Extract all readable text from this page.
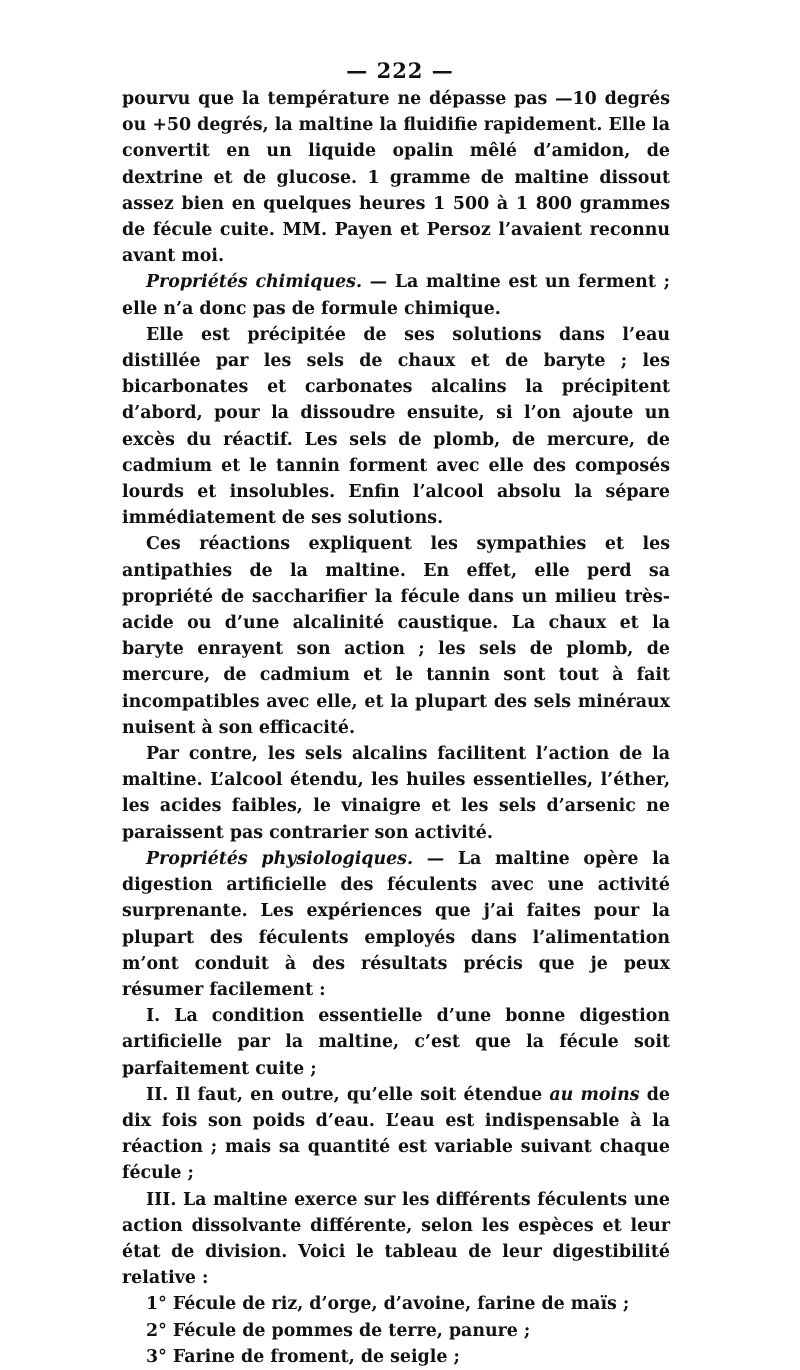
— 222 —

pourvu que la température ne dépasse pas —10 degrés ou +50 degrés, la maltine la fluidifie rapidement. Elle la convertit en un liquide opalin mêlé d’amidon, de dextrine et de glucose. 1 gramme de maltine dissout assez bien en quelques heures 1 500 à 1 800 grammes de fécule cuite. MM. Payen et Persoz l’avaient reconnu avant moi.

Propriétés chimiques. — La maltine est un ferment ; elle n’a donc pas de formule chimique.

Elle est précipitée de ses solutions dans l’eau distillée par les sels de chaux et de baryte ; les bicarbonates et carbonates alcalins la précipitent d’abord, pour la dissoudre ensuite, si l’on ajoute un excès du réactif. Les sels de plomb, de mercure, de cadmium et le tannin forment avec elle des composés lourds et insolubles. Enfin l’alcool absolu la sépare immédiatement de ses solutions.

Ces réactions expliquent les sympathies et les antipathies de la maltine. En effet, elle perd sa propriété de saccharifier la fécule dans un milieu très-acide ou d’une alcalinité caustique. La chaux et la baryte enrayent son action ; les sels de plomb, de mercure, de cadmium et le tannin sont tout à fait incompatibles avec elle, et la plupart des sels minéraux nuisent à son efficacité.

Par contre, les sels alcalins facilitent l’action de la maltine. L’alcool étendu, les huiles essentielles, l’éther, les acides faibles, le vinaigre et les sels d’arsenic ne paraissent pas contrarier son activité.

Propriétés physiologiques. — La maltine opère la digestion artificielle des féculents avec une activité surprenante. Les expériences que j’ai faites pour la plupart des féculents employés dans l’alimentation m’ont conduit à des résultats précis que je peux résumer facilement :

I. La condition essentielle d’une bonne digestion artificielle par la maltine, c’est que la fécule soit parfaitement cuite ;

II. Il faut, en outre, qu’elle soit étendue au moins de dix fois son poids d’eau. L’eau est indispensable à la réaction ; mais sa quantité est variable suivant chaque fécule ;

III. La maltine exerce sur les différents féculents une action dissolvante différente, selon les espèces et leur état de division. Voici le tableau de leur digestibilité relative :

1° Fécule de riz, d’orge, d’avoine, farine de maïs ;

2° Fécule de pommes de terre, panure ;

3° Farine de froment, de seigle ;
